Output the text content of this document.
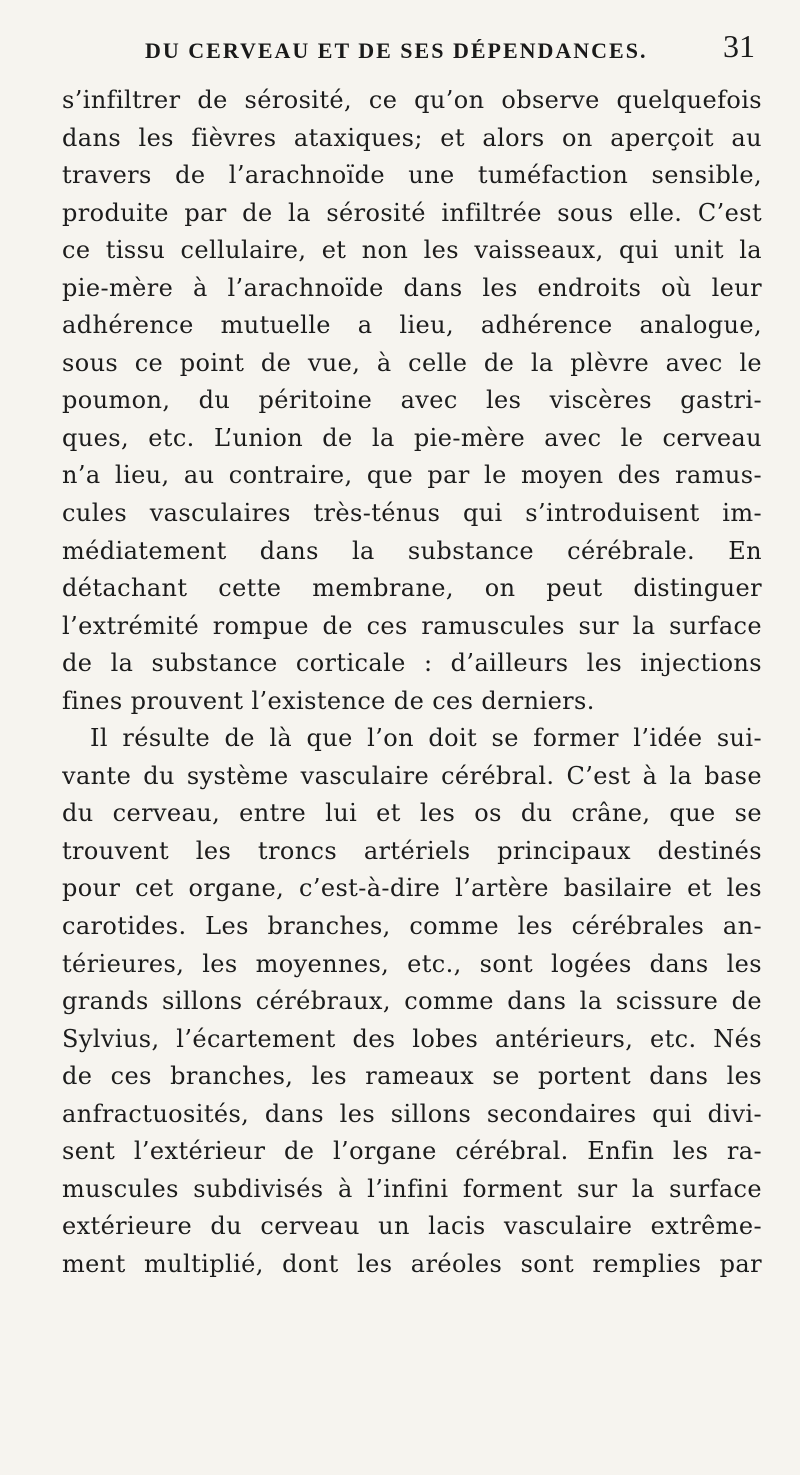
DU CERVEAU ET DE SES DÉPENDANCES. 31
s’infiltrer de sérosité, ce qu’on observe quelquefois
dans les fièvres ataxiques; et alors on aperçoit au
travers de l’arachnoïde une tuméfaction sensible,
produite par de la sérosité infiltrée sous elle. C’est
ce tissu cellulaire, et non les vaisseaux, qui unit la
pie-mère à l’arachnoïde dans les endroits où leur
adhérence mutuelle a lieu, adhérence analogue,
sous ce point de vue, à celle de la plèvre avec le
poumon, du péritoine avec les viscères gastri-
ques, etc. L’union de la pie-mère avec le cerveau
n’a lieu, au contraire, que par le moyen des ramus-
cules vasculaires très-ténus qui s’introduisent im-
médiatement dans la substance cérébrale. En
détachant cette membrane, on peut distinguer
l’extrémité rompue de ces ramuscules sur la surface
de la substance corticale : d’ailleurs les injections
fines prouvent l’existence de ces derniers.
Il résulte de là que l’on doit se former l’idée sui-
vante du système vasculaire cérébral. C’est à la base
du cerveau, entre lui et les os du crâne, que se
trouvent les troncs artériels principaux destinés
pour cet organe, c’est-à-dire l’artère basilaire et les
carotides. Les branches, comme les cérébrales an-
térieures, les moyennes, etc., sont logées dans les
grands sillons cérébraux, comme dans la scissure de
Sylvius, l’écartement des lobes antérieurs, etc. Nés
de ces branches, les rameaux se portent dans les
anfractuosités, dans les sillons secondaires qui divi-
sent l’extérieur de l’organe cérébral. Enfin les ra-
muscules subdivisés à l’infini forment sur la surface
extérieure du cerveau un lacis vasculaire extrême-
ment multiplié, dont les aréoles sont remplies par
